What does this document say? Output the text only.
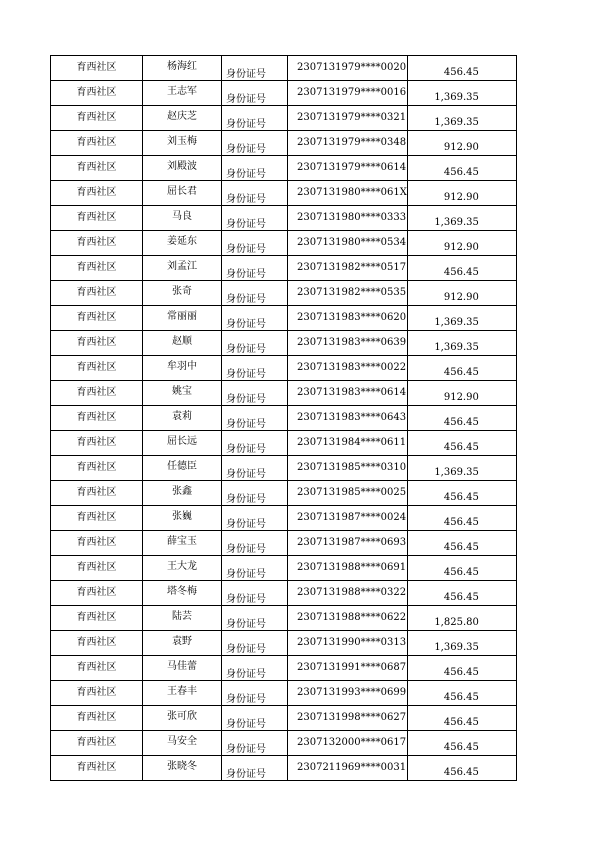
育西社区	杨海红	身份证号	2307131979****0020	456.45

育西社区	王志军	身份证号	2307131979****0016	1,369.35

育西社区	赵庆芝	身份证号	2307131979****0321	1,369.35

育西社区	刘玉梅	身份证号	2307131979****0348	912.90

育西社区	刘殿波	身份证号	2307131979****0614	456.45

育西社区	屈长君	身份证号	2307131980****061X	912.90

育西社区	马良	身份证号	2307131980****0333	1,369.35

育西社区	姜延东	身份证号	2307131980****0534	912.90

育西社区	刘孟江	身份证号	2307131982****0517	456.45

育西社区	张奇	身份证号	2307131982****0535	912.90

育西社区	常丽丽	身份证号	2307131983****0620	1,369.35

育西社区	赵顺	身份证号	2307131983****0639	1,369.35

育西社区	牟羽中	身份证号	2307131983****0022	456.45

育西社区	姚宝	身份证号	2307131983****0614	912.90

育西社区	袁莉	身份证号	2307131983****0643	456.45

育西社区	屈长远	身份证号	2307131984****0611	456.45

育西社区	任德臣	身份证号	2307131985****0310	1,369.35

育西社区	张鑫	身份证号	2307131985****0025	456.45

育西社区	张巍	身份证号	2307131987****0024	456.45

育西社区	薛宝玉	身份证号	2307131987****0693	456.45

育西社区	王大龙	身份证号	2307131988****0691	456.45

育西社区	塔冬梅	身份证号	2307131988****0322	456.45

育西社区	陆芸	身份证号	2307131988****0622	1,825.80

育西社区	袁野	身份证号	2307131990****0313	1,369.35

育西社区	马佳蕾	身份证号	2307131991****0687	456.45

育西社区	王春丰	身份证号	2307131993****0699	456.45

育西社区	张可欣	身份证号	2307131998****0627	456.45

育西社区	马安全	身份证号	2307132000****0617	456.45

育西社区	张晓冬	身份证号	2307211969****0031	456.45
